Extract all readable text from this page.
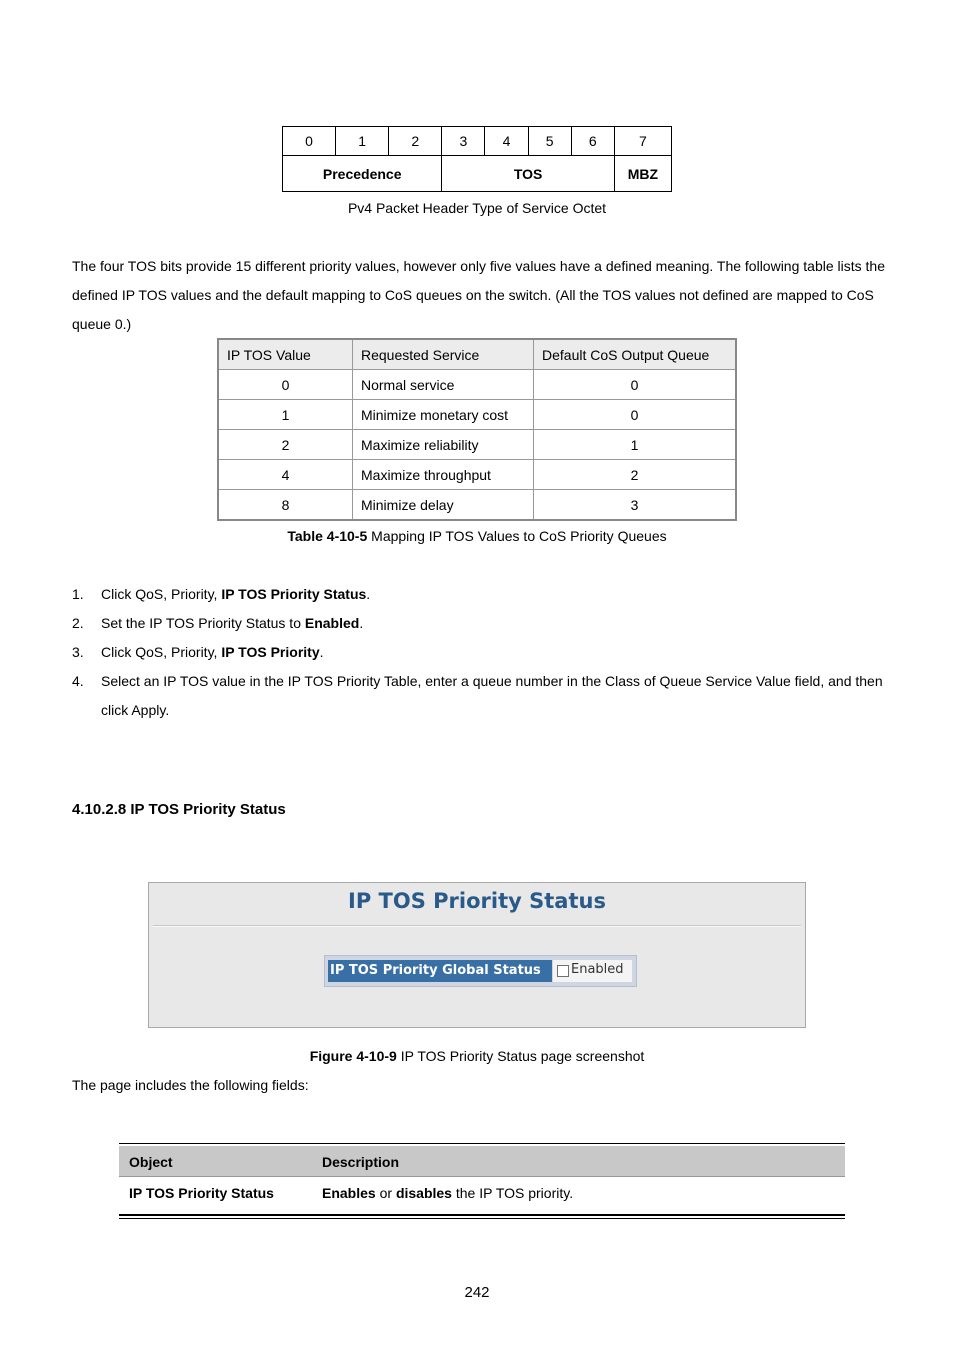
0	1	2	3	4	5	6	7
Precedence			TOS				MBZ
Pv4 Packet Header Type of Service Octet
The four TOS bits provide 15 different priority values, however only five values have a defined meaning. The following table lists the defined IP TOS values and the default mapping to CoS queues on the switch. (All the TOS values not defined are mapped to CoS queue 0.)
IP TOS Value	Requested Service	Default CoS Output Queue
0	Normal service	0
1	Minimize monetary cost	0
2	Maximize reliability	1
4	Maximize throughput	2
8	Minimize delay	3
Table 4-10-5 Mapping IP TOS Values to CoS Priority Queues
1. Click QoS, Priority, IP TOS Priority Status.
2. Set the IP TOS Priority Status to Enabled.
3. Click QoS, Priority, IP TOS Priority.
4. Select an IP TOS value in the IP TOS Priority Table, enter a queue number in the Class of Queue Service Value field, and then click Apply.
4.10.2.8 IP TOS Priority Status
IP TOS Priority Status
IP TOS Priority Global Status	Enabled
Figure 4-10-9 IP TOS Priority Status page screenshot
The page includes the following fields:
Object	Description
IP TOS Priority Status	Enables or disables the IP TOS priority.
242
